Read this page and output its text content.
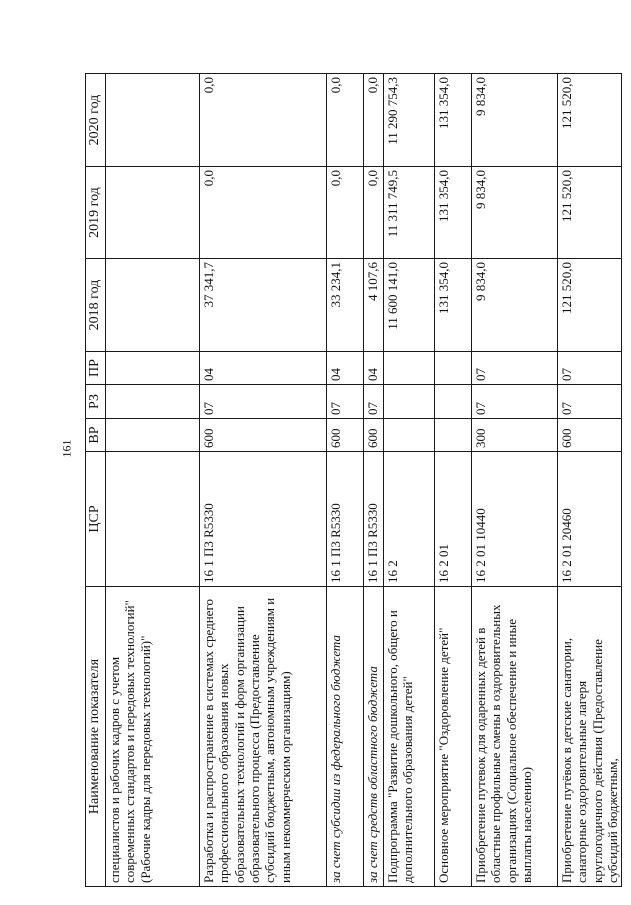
161
Наименование показателя	ЦСР	ВР	РЗ	ПР	2018 год	2019 год	2020 год
специалистов и рабочих кадров с учетом современных стандартов и передовых технологий" (Рабочие кадры для передовых технологий)"							
Разработка и распространение в системах среднего профессионального образования новых образовательных технологий и форм организации образовательного процесса (Предоставление субсидий бюджетным, автономным учреждениям и иным некоммерческим организациям)	16 1 П3 R5330	600	07	04	37 341,7	0,0	0,0
за счет субсидии из федерального бюджета	16 1 П3 R5330	600	07	04	33 234,1	0,0	0,0
за счет средств областного бюджета	16 1 П3 R5330	600	07	04	4 107,6	0,0	0,0
Подпрограмма "Развитие дошкольного, общего и дополнительного образования детей"	16 2				11 600 141,0	11 311 749,5	11 290 754,3
Основное мероприятие "Оздоровление детей"	16 2 01				131 354,0	131 354,0	131 354,0
Приобретение путевок для одаренных детей в областные профильные смены в оздоровительных организациях (Социальное обеспечение и иные выплаты населению)	16 2 01 10440	300	07	07	9 834,0	9 834,0	9 834,0
Приобретение путёвок в детские санатории, санаторные оздоровительные лагеря круглогодичного действия (Предоставление субсидий бюджетным,	16 2 01 20460	600	07	07	121 520,0	121 520,0	121 520,0
